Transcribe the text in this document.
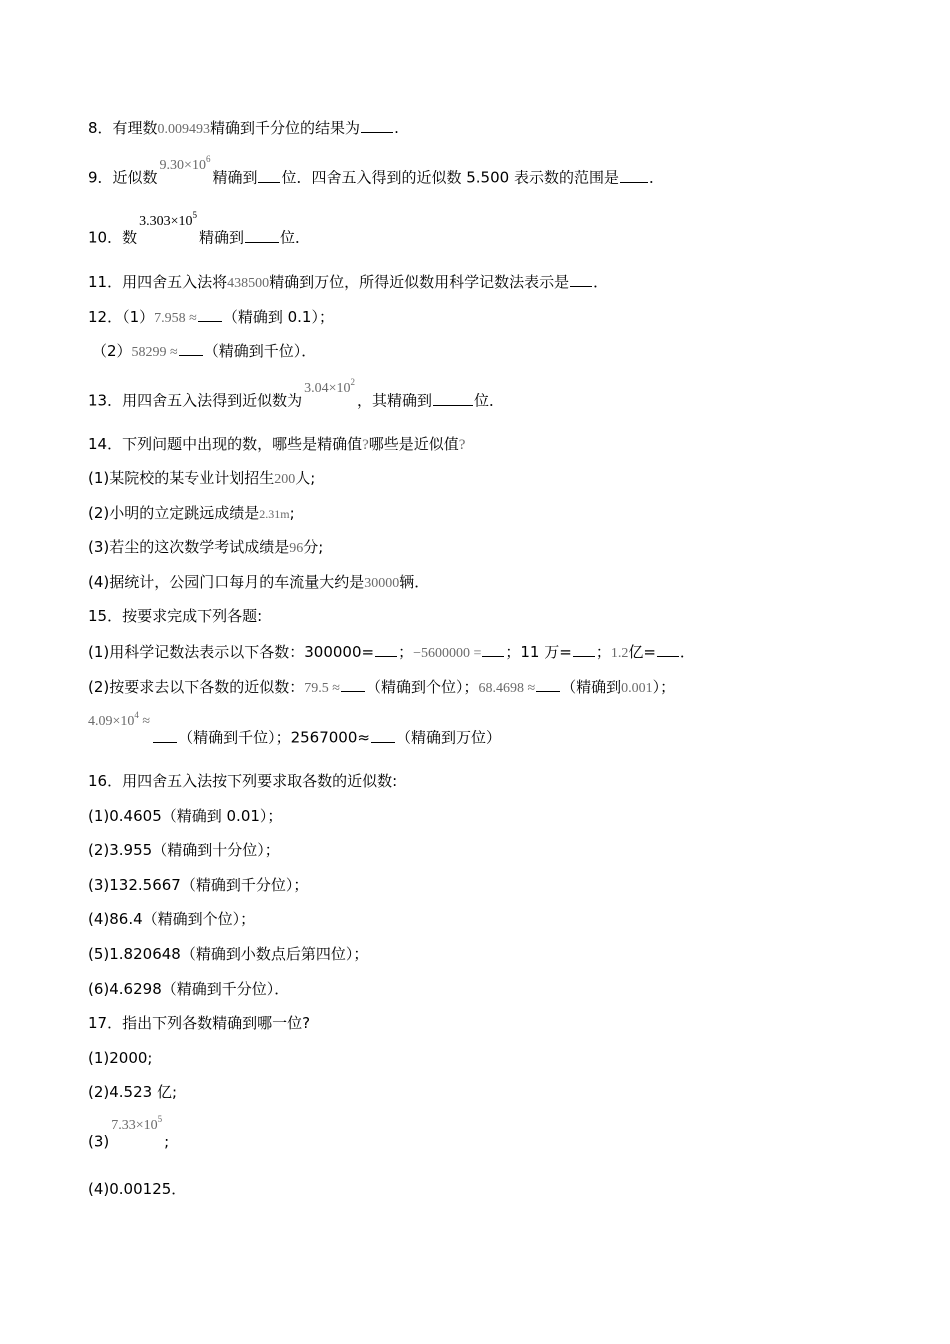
8．有理数0.009493精确到千分位的结果为 .
9．近似数$9.30\times 10^6$精确到 位．四舍五入得到的近似数 5.500 表示数的范围是 ．
10．数$3.303\times 10^5$精确到 位．
11．用四舍五入法将438500精确到万位，所得近似数用科学记数法表示是 ．
12．（1）7.958 ≈ （精确到 0.1）；
（2）58299 ≈ （精确到千位）．
13．用四舍五入法得到近似数为$3.04\times 10^2$，其精确到	位．
14．下列问题中出现的数，哪些是精确值?哪些是近似值?
(1)某院校的某专业计划招生200人;
(2)小明的立定跳远成绩是2.31m;
(3)若尘的这次数学考试成绩是96分;
(4)据统计，公园门口每月的车流量大约是30000辆．
15．按要求完成下列各题:
(1)用科学记数法表示以下各数：300000= ；−5600000 = ；11 万= ；1.2亿= ．
(2)按要求去以下各数的近似数：79.5 ≈ （精确到个位）；68.4698 ≈ （精确到0.001）；
$4.09\times 10^4$ ≈（精确到千位）；2567000≈ （精确到万位）
16．用四舍五入法按下列要求取各数的近似数:
(1)0.4605（精确到 0.01）；
(2)3.955（精确到十分位）；
(3)132.5667（精确到千分位）；
(4)86.4（精确到个位）；
(5)1.820648（精确到小数点后第四位）；
(6)4.6298（精确到千分位）．
17．指出下列各数精确到哪一位?
(1)2000;
(2)4.523 亿;
$(3)7.33\times 10^5$;
(4)0.00125．
